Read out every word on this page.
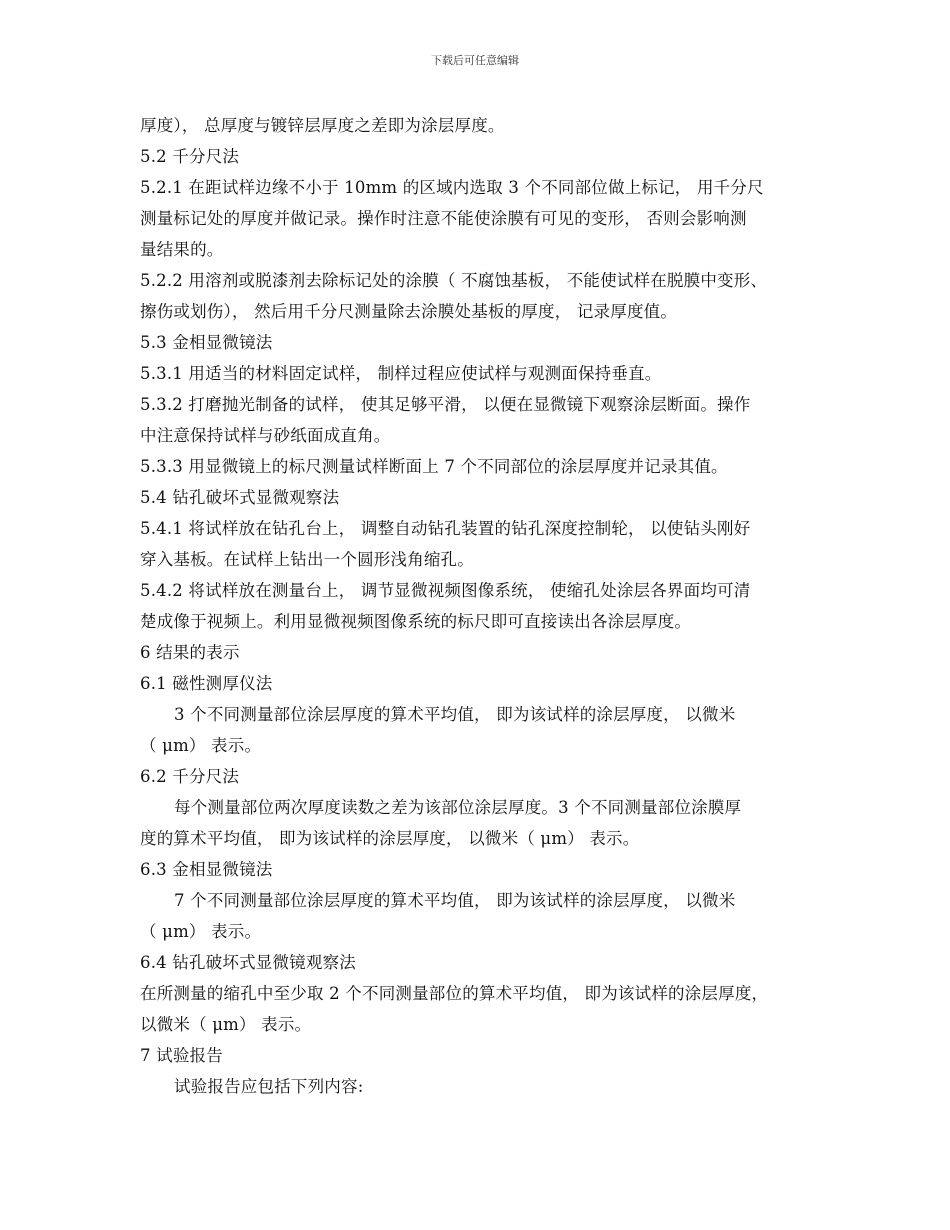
下载后可任意编辑
厚度）， 总厚度与镀锌层厚度之差即为涂层厚度。
5.2 千分尺法
5.2.1 在距试样边缘不小于 10mm 的区域内选取 3 个不同部位做上标记， 用千分尺
测量标记处的厚度并做记录。操作时注意不能使涂膜有可见的变形， 否则会影响测
量结果的。
5.2.2 用溶剂或脱漆剂去除标记处的涂膜（ 不腐蚀基板， 不能使试样在脱膜中变形、
擦伤或划伤）， 然后用千分尺测量除去涂膜处基板的厚度， 记录厚度值。
5.3 金相显微镜法
5.3.1 用适当的材料固定试样， 制样过程应使试样与观测面保持垂直。
5.3.2 打磨抛光制备的试样， 使其足够平滑， 以便在显微镜下观察涂层断面。操作
中注意保持试样与砂纸面成直角。
5.3.3 用显微镜上的标尺测量试样断面上 7 个不同部位的涂层厚度并记录其值。
5.4 钻孔破坏式显微观察法
5.4.1 将试样放在钻孔台上， 调整自动钻孔装置的钻孔深度控制轮， 以使钻头刚好
穿入基板。在试样上钻出一个圆形浅角缩孔。
5.4.2 将试样放在测量台上， 调节显微视频图像系统， 使缩孔处涂层各界面均可清
楚成像于视频上。利用显微视频图像系统的标尺即可直接读出各涂层厚度。
6 结果的表示
6.1 磁性测厚仪法
3 个不同测量部位涂层厚度的算术平均值， 即为该试样的涂层厚度， 以微米
（ μm） 表示。
6.2 千分尺法
每个测量部位两次厚度读数之差为该部位涂层厚度。3 个不同测量部位涂膜厚
度的算术平均值， 即为该试样的涂层厚度， 以微米（ μm） 表示。
6.3 金相显微镜法
7 个不同测量部位涂层厚度的算术平均值， 即为该试样的涂层厚度， 以微米
（ μm） 表示。
6.4 钻孔破坏式显微镜观察法
在所测量的缩孔中至少取 2 个不同测量部位的算术平均值， 即为该试样的涂层厚度，
以微米（ μm） 表示。
7 试验报告
试验报告应包括下列内容:
